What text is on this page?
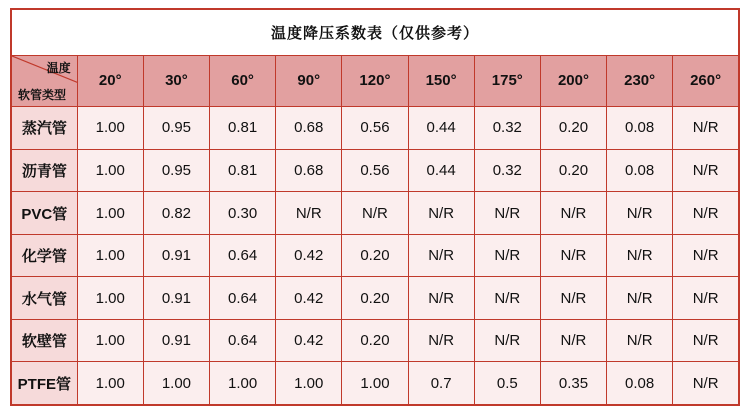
温度降压系数表（仅供参考）										

温度
软管类型	20°	30°	60°	90°	120°	150°	175°	200°	230°	260°
蒸汽管	1.00	0.95	0.81	0.68	0.56	0.44	0.32	0.20	0.08	N/R
沥青管	1.00	0.95	0.81	0.68	0.56	0.44	0.32	0.20	0.08	N/R
PVC管	1.00	0.82	0.30	N/R	N/R	N/R	N/R	N/R	N/R	N/R
化学管	1.00	0.91	0.64	0.42	0.20	N/R	N/R	N/R	N/R	N/R
水气管	1.00	0.91	0.64	0.42	0.20	N/R	N/R	N/R	N/R	N/R
软壁管	1.00	0.91	0.64	0.42	0.20	N/R	N/R	N/R	N/R	N/R
PTFE管	1.00	1.00	1.00	1.00	1.00	0.7	0.5	0.35	0.08	N/R
